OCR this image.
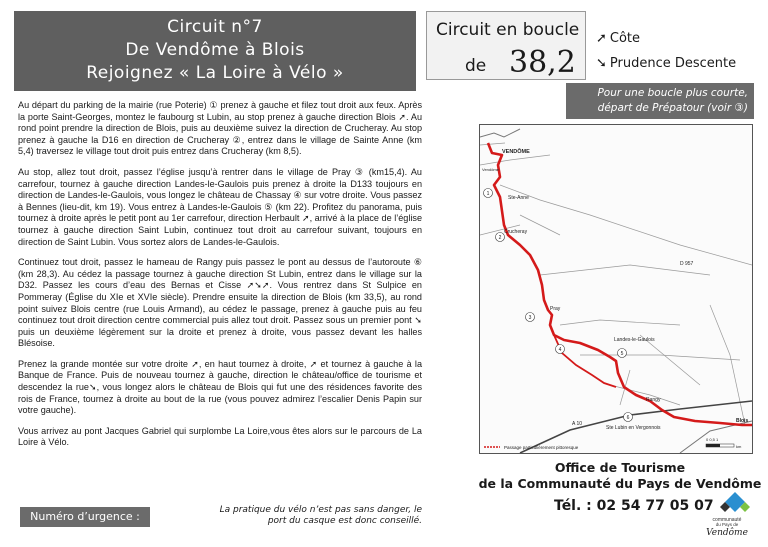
Circuit n°7
De Vendôme à Blois
Rejoignez « La Loire à Vélo »
Circuit en boucle
de 38,2
➚ Côte
➘ Prudence Descente
Pour une boucle plus courte,
départ de Prépatour (voir ③)

Au départ du parking de la mairie (rue Poterie) ① prenez à gauche et filez tout droit aux feux. Après la porte Saint-Georges, montez le faubourg st Lubin, au stop prenez à gauche direction Blois ➚. Au rond point prendre la direction de Blois, puis au deuxième suivez la direction de Crucheray. Au stop prenez à gauche la D16 en direction de Crucheray ②, entrez dans le village de Sainte Anne (km 5,4) traversez le village tout droit puis entrez dans Crucheray (km 8,5).

Au stop, allez tout droit, passez l’église jusqu’à rentrer dans le village de Pray ③ (km15,4). Au carrefour, tournez à gauche direction Landes-le-Gaulois puis prenez à droite la D133 toujours en direction de Landes-le-Gaulois, vous longez le château de Chassay ④ sur votre droite. Vous passez à Bennes (lieu-dit, km 19). Vous entrez à Landes-le-Gaulois ⑤ (km 22). Profitez du panorama, puis tournez à droite après le petit pont au 1er carrefour, direction Herbault ➚, arrivé à la place de l’église tournez à gauche direction Saint Lubin, continuez tout droit au carrefour suivant, toujours en direction de Saint Lubin. Vous sortez alors de Landes-le-Gaulois.

Continuez tout droit, passez le hameau de Rangy puis passez le pont au dessus de l’autoroute ⑥ (km 28,3). Au cédez la passage tournez à gauche direction St Lubin, entrez dans le village sur la D32. Passez les cours d’eau des Bernas et Cisse ➚➘➚. Vous rentrez dans St Sulpice en Pommeray (Église du XIe et XVIe siècle). Prendre ensuite la direction de Blois (km 33,5), au rond point suivez Blois centre (rue Louis Armand), au cédez le passage, prenez à gauche puis au feu continuez tout droit direction centre commercial puis allez tout droit. Passez sous un premier pont ➘ puis un deuxième légèrement sur la droite et prenez à droite, vous passez devant les halles Blésoise.

Prenez la grande montée sur votre droite ➚, en haut tournez à droite, ➚ et tournez à gauche à la Banque de France. Puis de nouveau tournez à gauche, direction le château/office de tourisme et descendez la rue➘, vous longez alors le château de Blois qui fut une des résidences favorite des rois de France, tournez à droite au bout de la rue (vous pouvez admirez l’escalier Denis Papin sur votre gauche).

Vous arrivez au pont Jacques Gabriel qui surplombe La Loire,vous êtes alors sur le parcours de La Loire à Vélo.

VENDÔME
Vendôme
Ste-Anne
Crucheray
D 957
Pray
Landes-le-Gaulois
Rangy
A 10
Ste Lubin en Vergonnois
Blois
1
2
3
4
5
6
Passage particulièrement pittoresque
0 0,5 1
km
Office de Tourisme
de la Communauté du Pays de Vendôme
Tél. : 02 54 77 05 07
Numéro d’urgence : 112
La pratique du vélo n’est pas sans danger, le
port du casque est donc conseillé.	communauté
du Pays de
Vendôme
